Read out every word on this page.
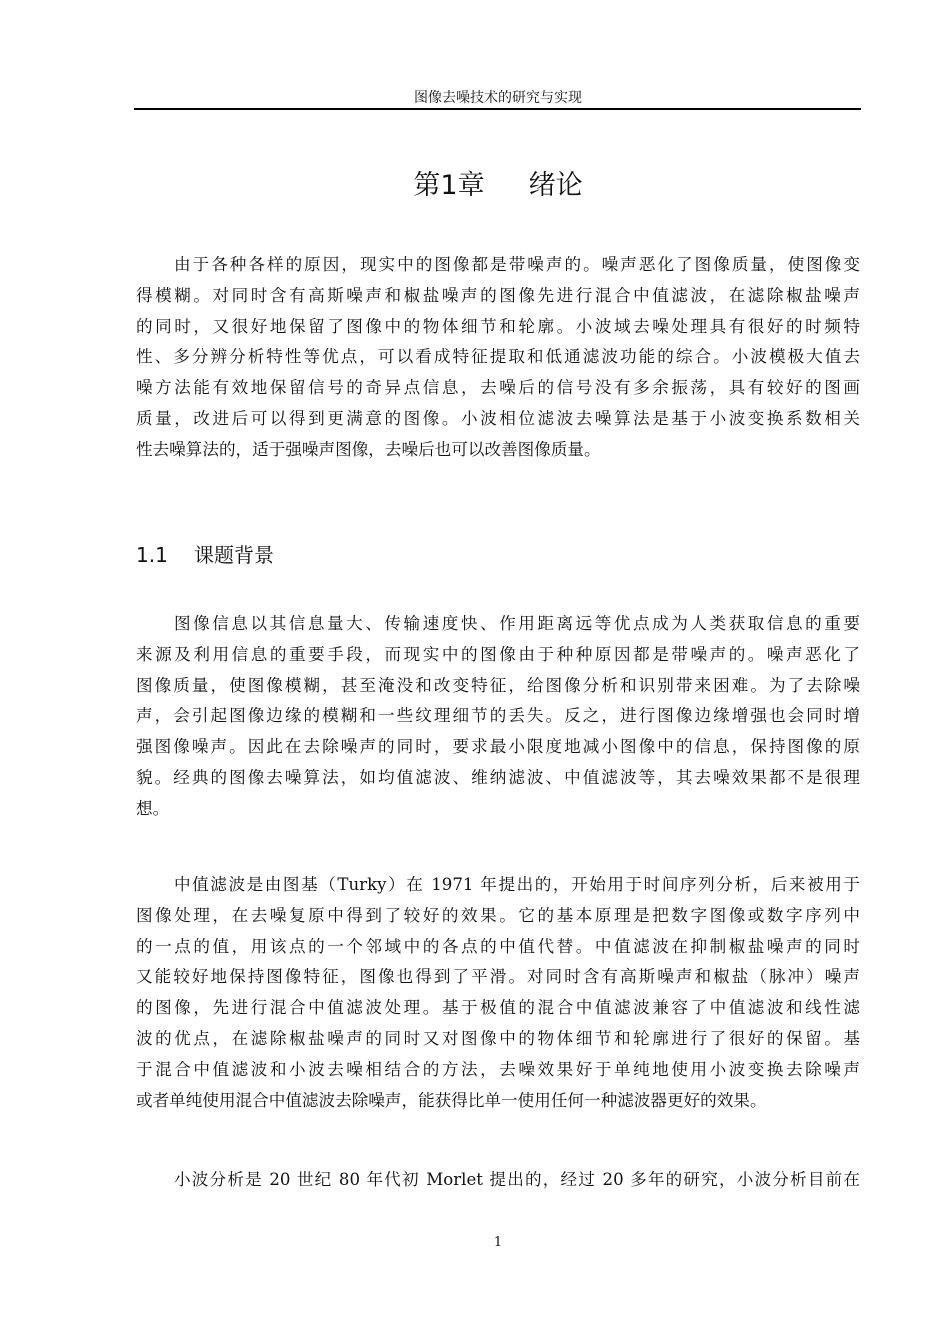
图像去噪技术的研究与实现
第1章 绪论
由于各种各样的原因，现实中的图像都是带噪声的。噪声恶化了图像质量，使图像变
得模糊。对同时含有高斯噪声和椒盐噪声的图像先进行混合中值滤波，在滤除椒盐噪声
的同时，又很好地保留了图像中的物体细节和轮廓。小波域去噪处理具有很好的时频特
性、多分辨分析特性等优点，可以看成特征提取和低通滤波功能的综合。小波模极大值去
噪方法能有效地保留信号的奇异点信息，去噪后的信号没有多余振荡，具有较好的图画
质量，改进后可以得到更满意的图像。小波相位滤波去噪算法是基于小波变换系数相关
性去噪算法的，适于强噪声图像，去噪后也可以改善图像质量。
1.1 课题背景
图像信息以其信息量大、传输速度快、作用距离远等优点成为人类获取信息的重要
来源及利用信息的重要手段，而现实中的图像由于种种原因都是带噪声的。噪声恶化了
图像质量，使图像模糊，甚至淹没和改变特征，给图像分析和识别带来困难。为了去除噪
声，会引起图像边缘的模糊和一些纹理细节的丢失。反之，进行图像边缘增强也会同时增
强图像噪声。因此在去除噪声的同时，要求最小限度地减小图像中的信息，保持图像的原
貌。经典的图像去噪算法，如均值滤波、维纳滤波、中值滤波等，其去噪效果都不是很理
想。
中值滤波是由图基（Turky）在 1971 年提出的，开始用于时间序列分析，后来被用于
图像处理，在去噪复原中得到了较好的效果。它的基本原理是把数字图像或数字序列中
的一点的值，用该点的一个邻域中的各点的中值代替。中值滤波在抑制椒盐噪声的同时
又能较好地保持图像特征，图像也得到了平滑。对同时含有高斯噪声和椒盐（脉冲）噪声
的图像，先进行混合中值滤波处理。基于极值的混合中值滤波兼容了中值滤波和线性滤
波的优点，在滤除椒盐噪声的同时又对图像中的物体细节和轮廓进行了很好的保留。基
于混合中值滤波和小波去噪相结合的方法，去噪效果好于单纯地使用小波变换去除噪声
或者单纯使用混合中值滤波去除噪声，能获得比单一使用任何一种滤波器更好的效果。
小波分析是 20 世纪 80 年代初 Morlet 提出的，经过 20 多年的研究，小波分析目前在
1
